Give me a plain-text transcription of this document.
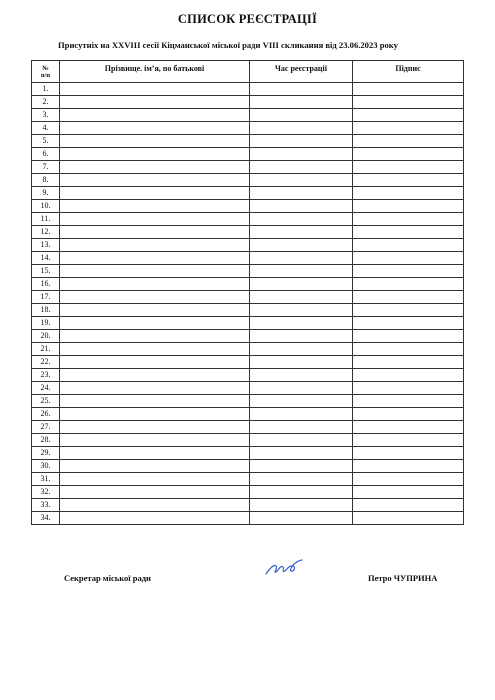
СПИСОК РЕЄСТРАЦІЇ
Присутніх на XXVIII сесії Кіцманської міської ради VIII скликання від 23.06.2023 року
№
п/п	Прізвище. ім’я, по батькові	Час реєстрації	Підпис
1.			
2.			
3.			
4.			
5.			
6.			
7.			
8.			
9.			
10.			
11.			
12.			
13.			
14.			
15.			
16.			
17.			
18.			
19.			
20.			
21.			
22.			
23.			
24.			
25.			
26.			
27.			
28.			
29.			
30.			
31.			
32.			
33.			
34.			
Секретар міської ради	Петро ЧУПРИНА
